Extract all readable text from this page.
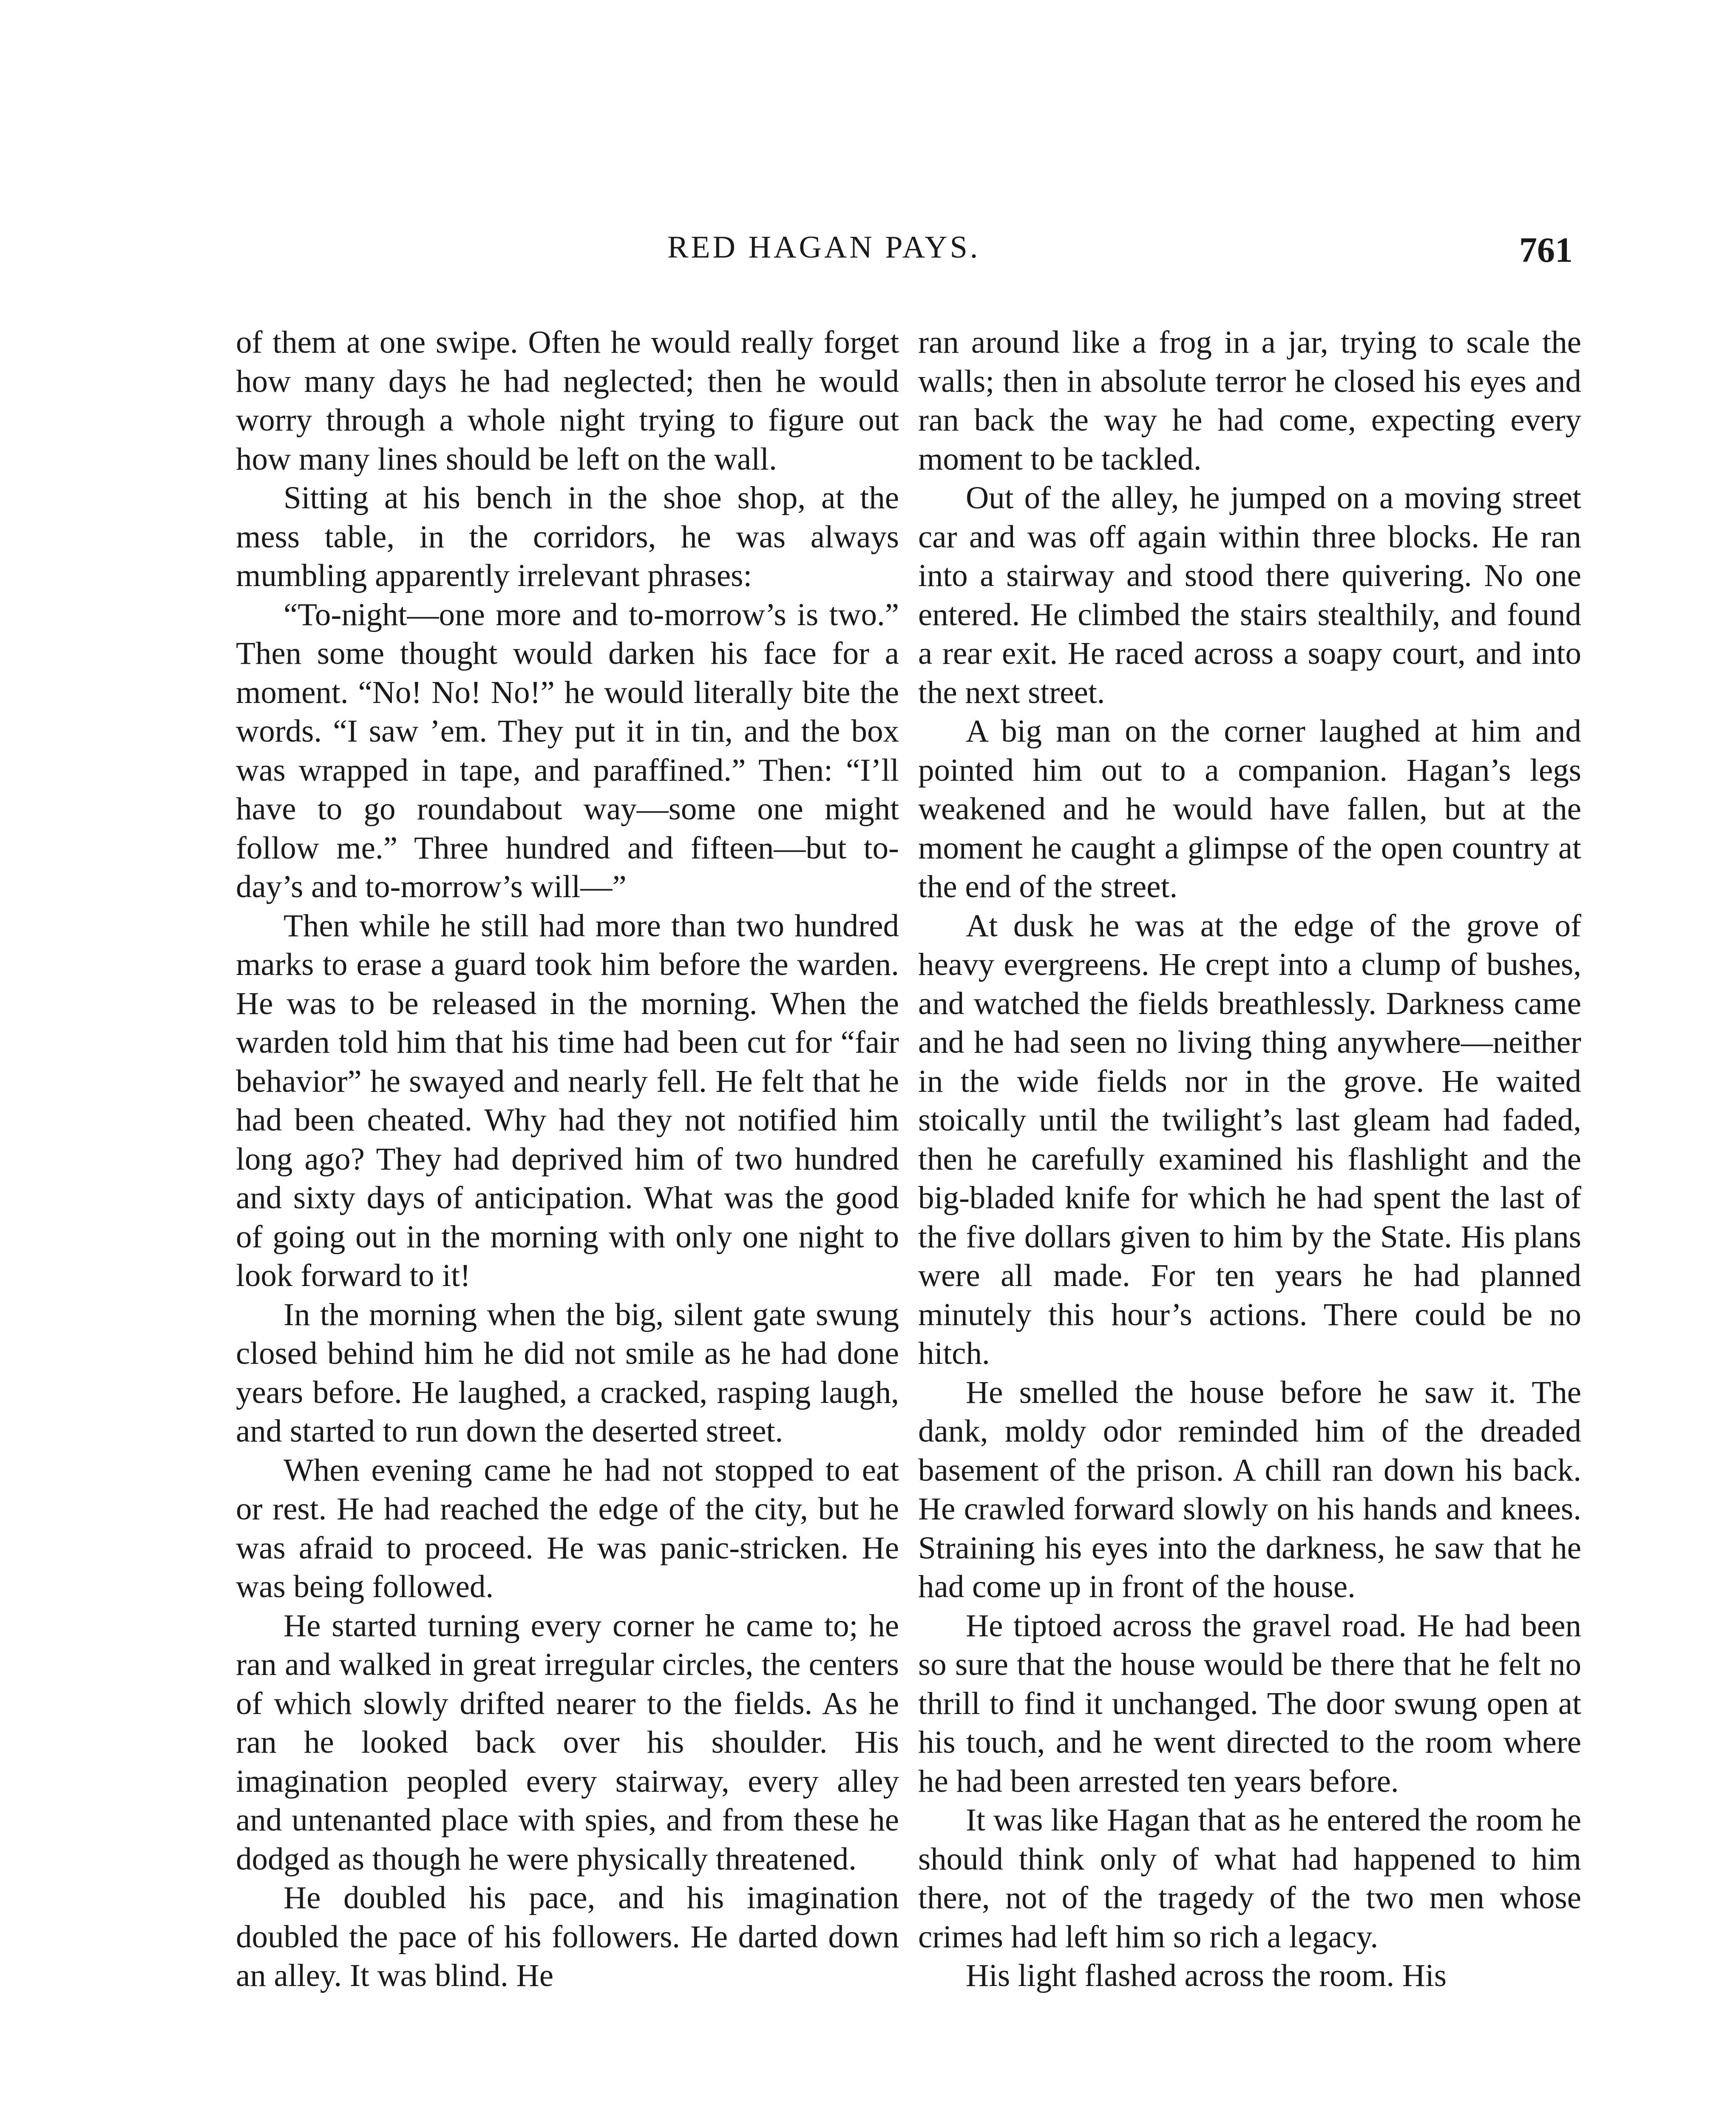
RED HAGAN PAYS.	761

of them at one swipe. Often he would really forget how many days he had neglected; then he would worry through a whole night trying to figure out how many lines should be left on the wall.

Sitting at his bench in the shoe shop, at the mess table, in the corridors, he was always mumbling apparently irrelevant phrases:

“To-night—one more and to-morrow’s is two.” Then some thought would darken his face for a moment. “No! No! No!” he would literally bite the words. “I saw ’em. They put it in tin, and the box was wrapped in tape, and paraffined.” Then: “I’ll have to go roundabout way—some one might follow me.” Three hundred and fifteen—but to-day’s and to-morrow’s will—”

Then while he still had more than two hundred marks to erase a guard took him before the warden. He was to be released in the morning. When the warden told him that his time had been cut for “fair behavior” he swayed and nearly fell. He felt that he had been cheated. Why had they not notified him long ago? They had deprived him of two hundred and sixty days of anticipation. What was the good of going out in the morning with only one night to look forward to it!

In the morning when the big, silent gate swung closed behind him he did not smile as he had done years before. He laughed, a cracked, rasping laugh, and started to run down the deserted street.

When evening came he had not stopped to eat or rest. He had reached the edge of the city, but he was afraid to proceed. He was panic-stricken. He was being followed.

He started turning every corner he came to; he ran and walked in great irregular circles, the centers of which slowly drifted nearer to the fields. As he ran he looked back over his shoulder. His imagination peopled every stairway, every alley and untenanted place with spies, and from these he dodged as though he were physically threatened.

He doubled his pace, and his imagination doubled the pace of his followers. He darted down an alley. It was blind. He

ran around like a frog in a jar, trying to scale the walls; then in absolute terror he closed his eyes and ran back the way he had come, expecting every moment to be tackled.

Out of the alley, he jumped on a moving street car and was off again within three blocks. He ran into a stairway and stood there quivering. No one entered. He climbed the stairs stealthily, and found a rear exit. He raced across a soapy court, and into the next street.

A big man on the corner laughed at him and pointed him out to a companion. Hagan’s legs weakened and he would have fallen, but at the moment he caught a glimpse of the open country at the end of the street.

At dusk he was at the edge of the grove of heavy evergreens. He crept into a clump of bushes, and watched the fields breathlessly. Darkness came and he had seen no living thing anywhere—neither in the wide fields nor in the grove. He waited stoically until the twilight’s last gleam had faded, then he carefully examined his flashlight and the big-bladed knife for which he had spent the last of the five dollars given to him by the State. His plans were all made. For ten years he had planned minutely this hour’s actions. There could be no hitch.

He smelled the house before he saw it. The dank, moldy odor reminded him of the dreaded basement of the prison. A chill ran down his back. He crawled forward slowly on his hands and knees. Straining his eyes into the darkness, he saw that he had come up in front of the house.

He tiptoed across the gravel road. He had been so sure that the house would be there that he felt no thrill to find it unchanged. The door swung open at his touch, and he went directed to the room where he had been arrested ten years before.

It was like Hagan that as he entered the room he should think only of what had happened to him there, not of the tragedy of the two men whose crimes had left him so rich a legacy.

His light flashed across the room. His
